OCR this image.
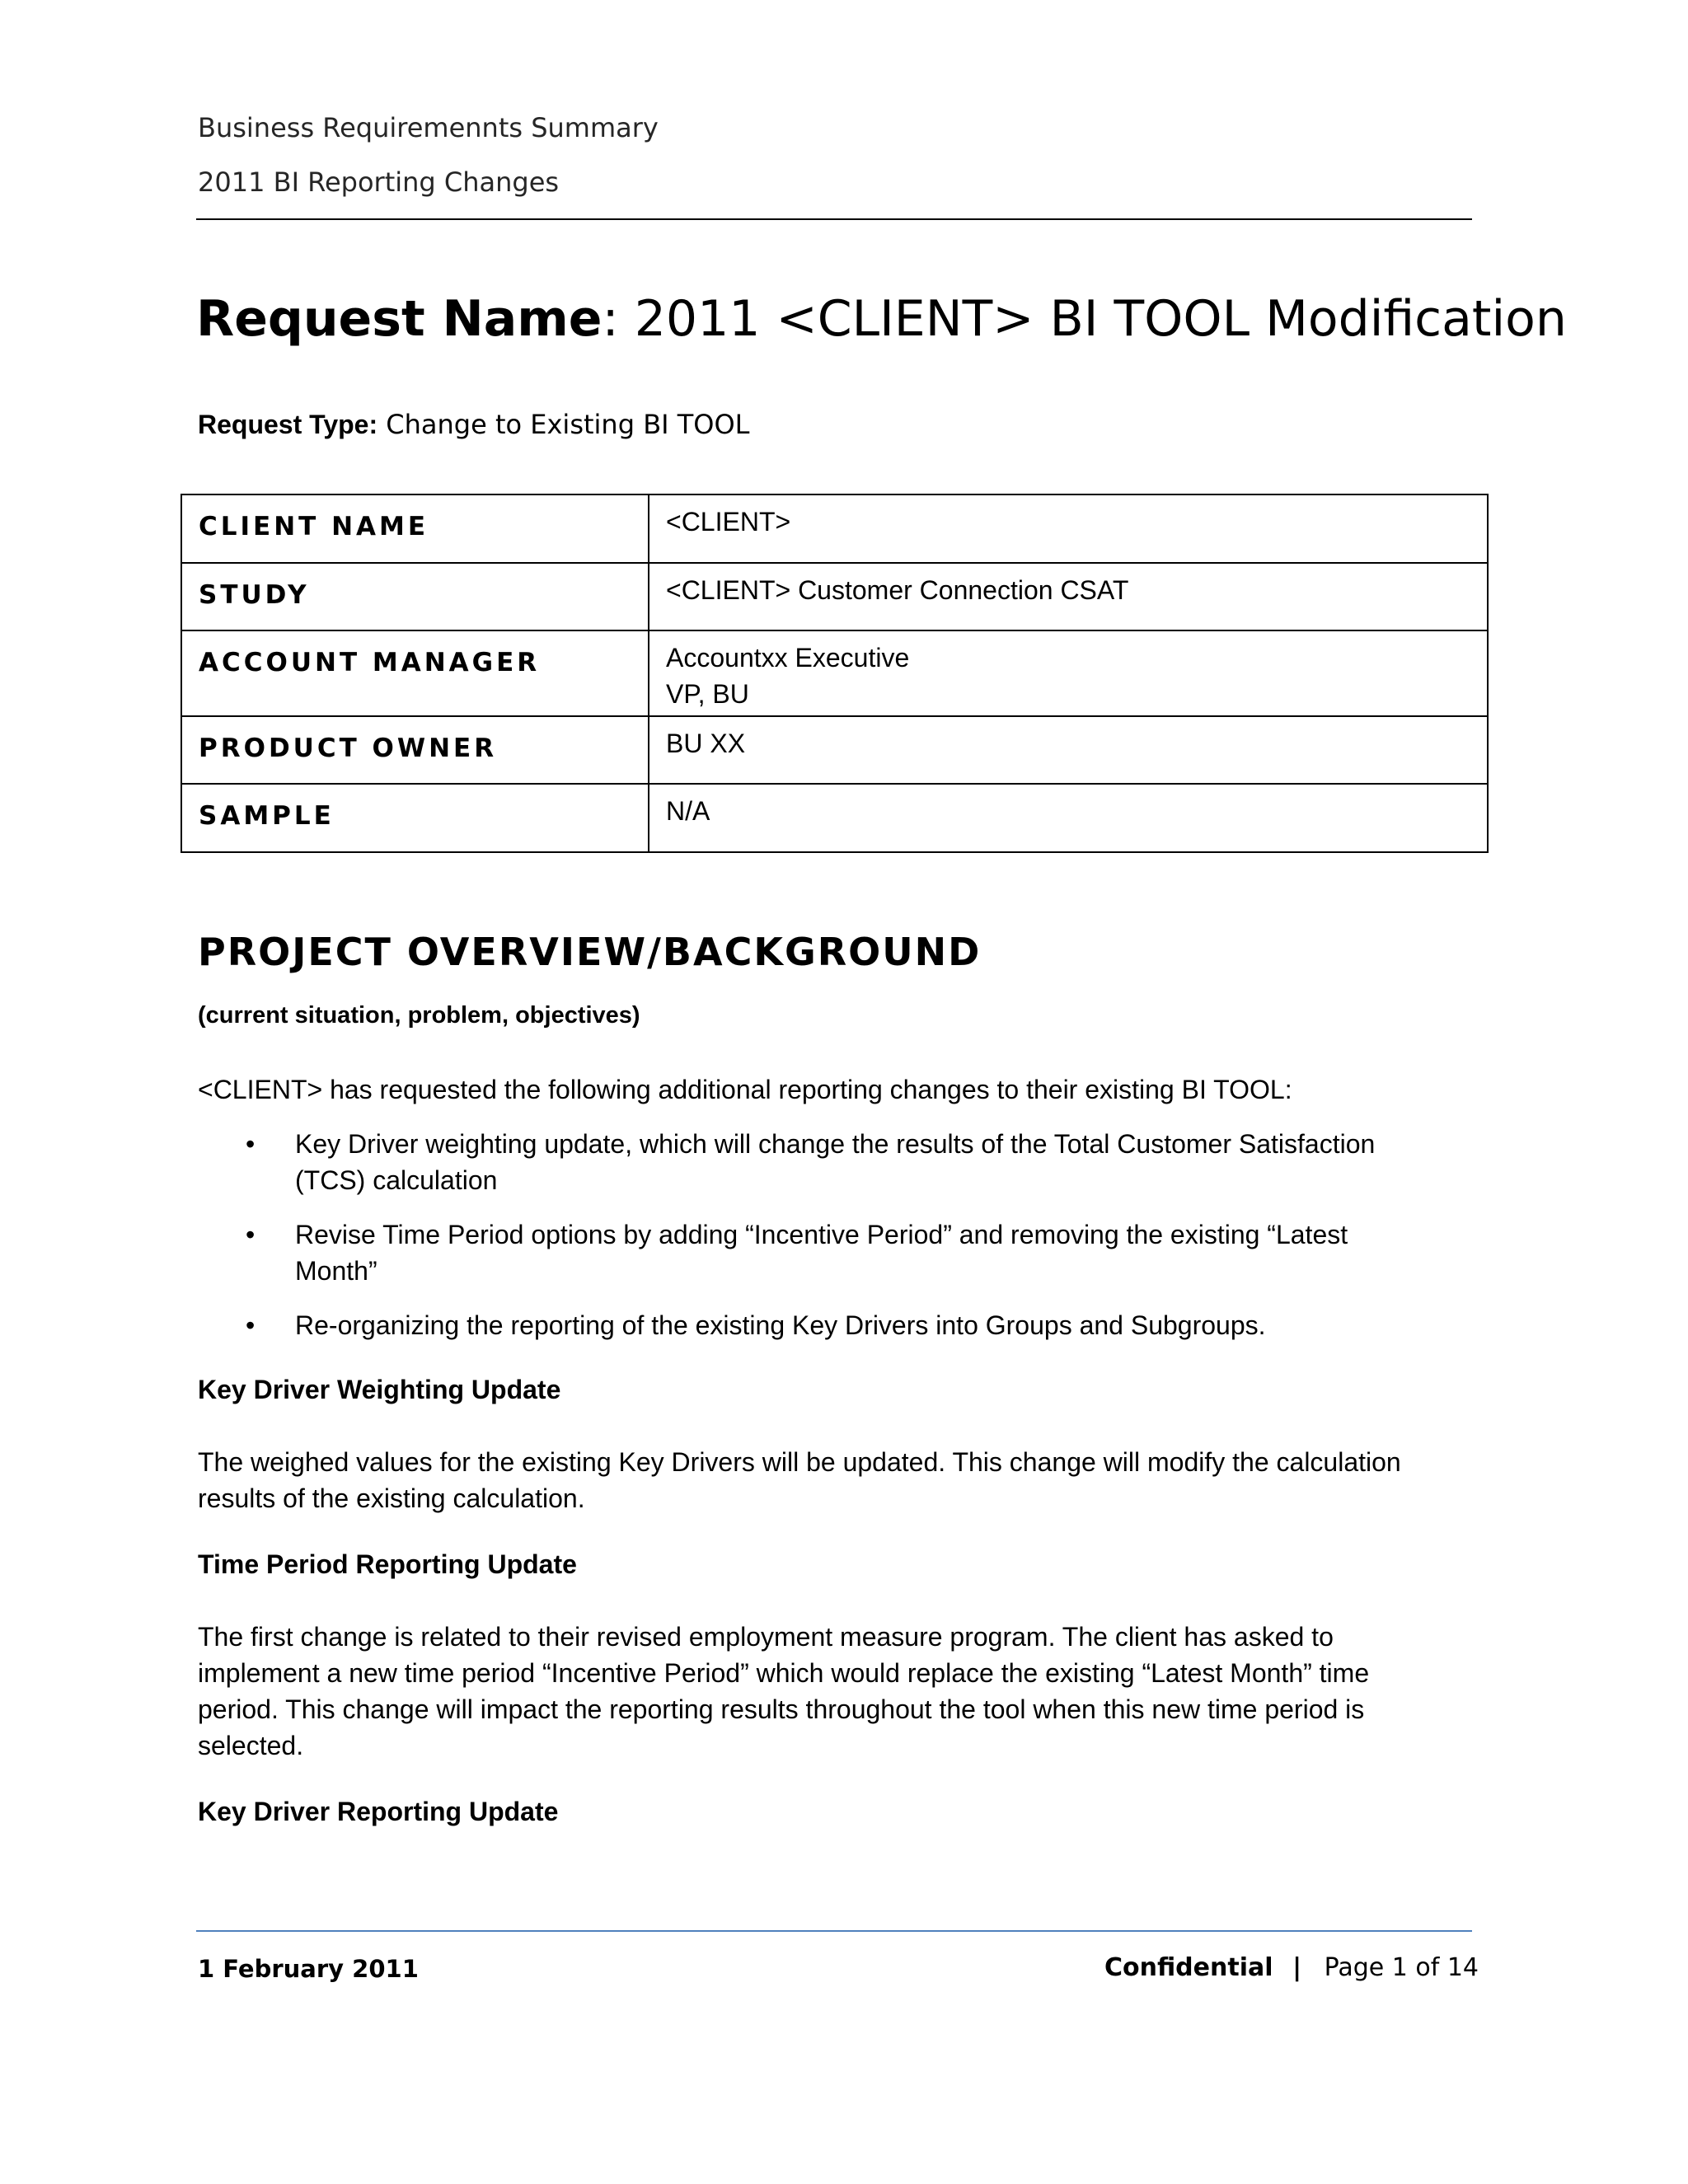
Business Requiremennts Summary
2011 BI Reporting Changes
Request Name: 2011 <CLIENT> BI TOOL Modification
Request Type: Change to Existing BI TOOL
CLIENT NAME	<CLIENT>

STUDY	<CLIENT> Customer Connection CSAT

ACCOUNT MANAGER	Accountxx Executive
VP, BU

PRODUCT OWNER	BU XX

SAMPLE	N/A
PROJECT OVERVIEW/BACKGROUND
(current situation, problem, objectives)
<CLIENT> has requested the following additional reporting changes to their existing BI TOOL:
• Key Driver weighting update, which will change the results of the Total Customer Satisfaction (TCS) calculation
• Revise Time Period options by adding “Incentive Period” and removing the existing “Latest Month”
• Re-organizing the reporting of the existing Key Drivers into Groups and Subgroups.
Key Driver Weighting Update
The weighed values for the existing Key Drivers will be updated. This change will modify the calculation results of the existing calculation.
Time Period Reporting Update
The first change is related to their revised employment measure program. The client has asked to implement a new time period “Incentive Period” which would replace the existing “Latest Month” time period. This change will impact the reporting results throughout the tool when this new time period is selected.
Key Driver Reporting Update
1 February 2011	Confidential | Page 1 of 14
